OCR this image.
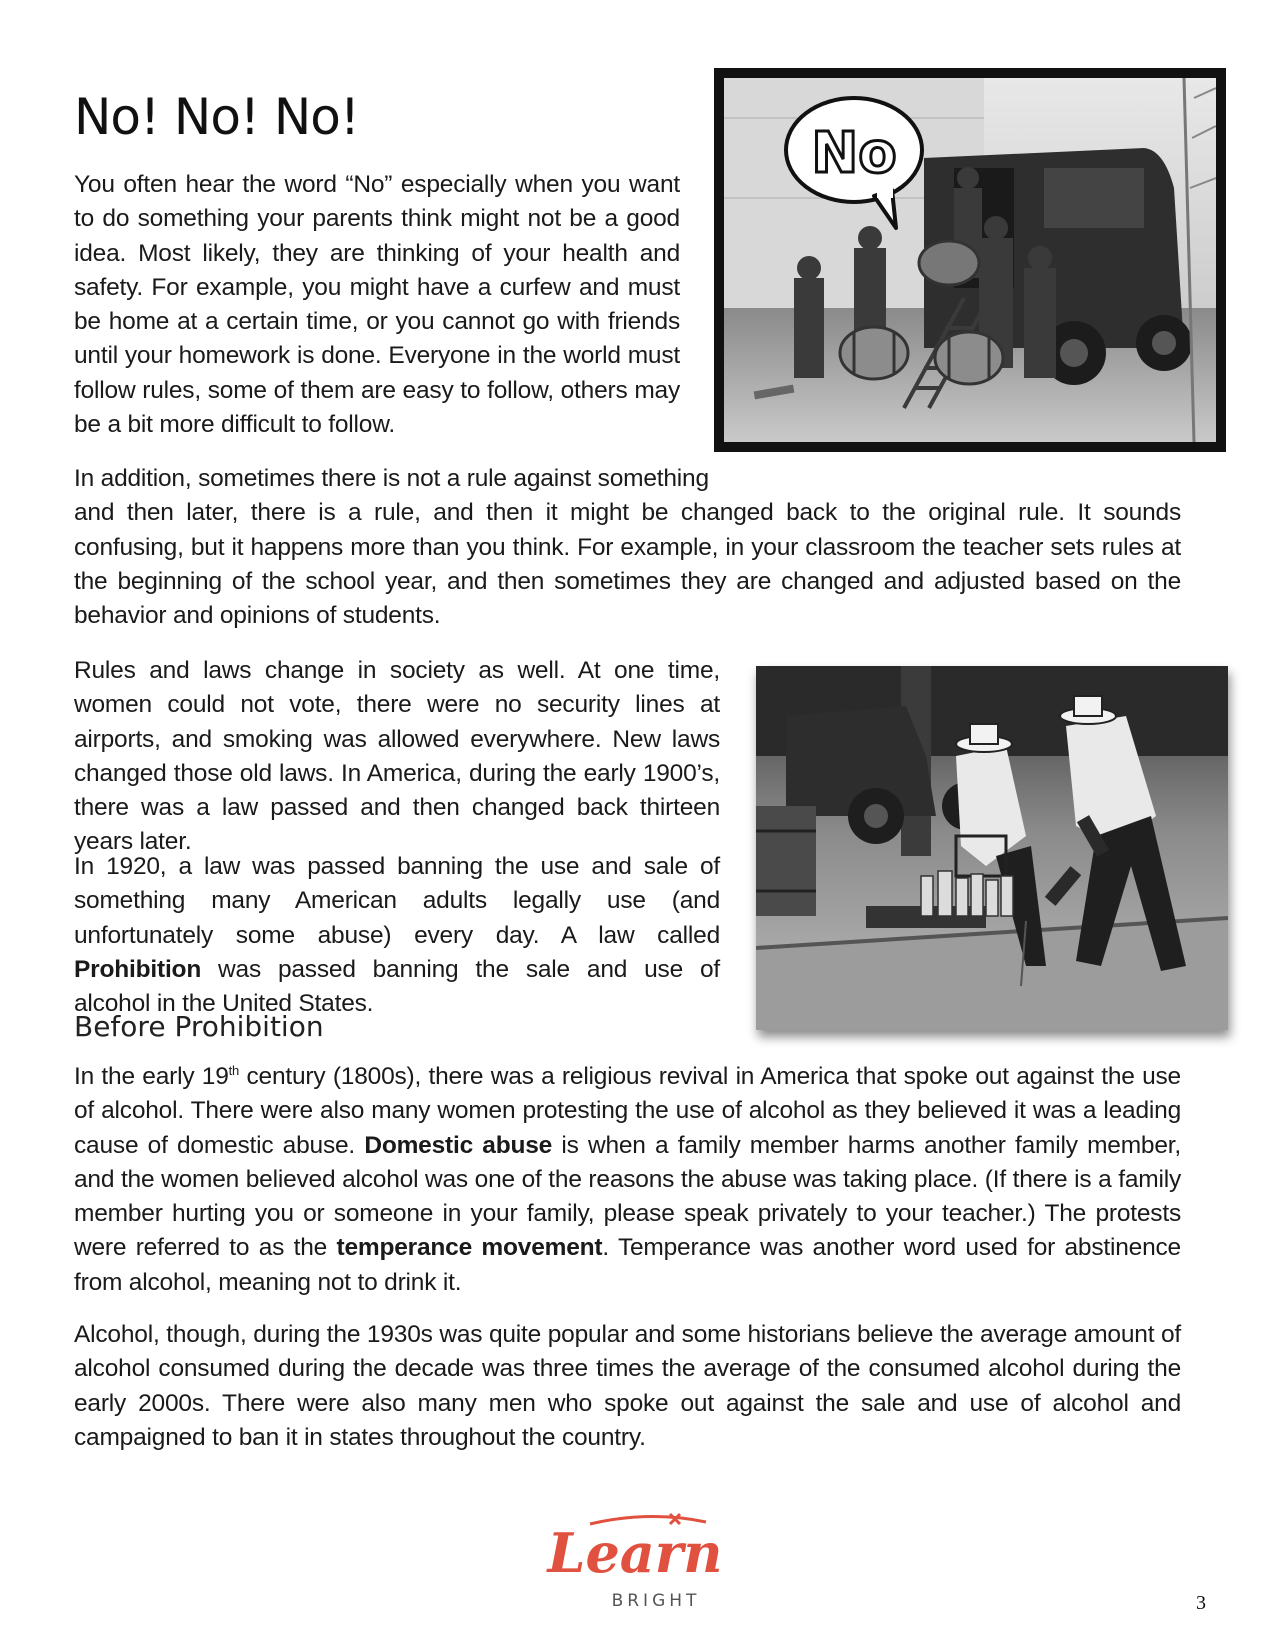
No! No! No!
No

You often hear the word “No” especially when you want to do something your parents think might not be a good idea. Most likely, they are thinking of your health and safety. For example, you might have a curfew and must be home at a certain time, or you cannot go with friends until your homework is done. Everyone in the world must follow rules, some of them are easy to follow, others may be a bit more difficult to follow.

In addition, sometimes there is not a rule against something
and then later, there is a rule, and then it might be changed back to the original rule. It sounds confusing, but it happens more than you think. For example, in your classroom the teacher sets rules at the beginning of the school year, and then sometimes they are changed and adjusted based on the behavior and opinions of students.

Rules and laws change in society as well. At one time, women could not vote, there were no security lines at airports, and smoking was allowed everywhere. New laws changed those old laws. In America, during the early 1900’s, there was a law passed and then changed back thirteen years later.

In 1920, a law was passed banning the use and sale of something many American adults legally use (and unfortunately some abuse) every day. A law called Prohibition was passed banning the sale and use of alcohol in the United States.

Before Prohibition

In the early 19th century (1800s), there was a religious revival in America that spoke out against the use of alcohol. There were also many women protesting the use of alcohol as they believed it was a leading cause of domestic abuse. Domestic abuse is when a family member harms another family member, and the women believed alcohol was one of the reasons the abuse was taking place. (If there is a family member hurting you or someone in your family, please speak privately to your teacher.) The protests were referred to as the temperance movement. Temperance was another word used for abstinence from alcohol, meaning not to drink it.

Alcohol, though, during the 1930s was quite popular and some historians believe the average amount of alcohol consumed during the decade was three times the average of the consumed alcohol during the early 2000s. There were also many men who spoke out against the sale and use of alcohol and campaigned to ban it in states throughout the country.

Learn
BRIGHT	3
